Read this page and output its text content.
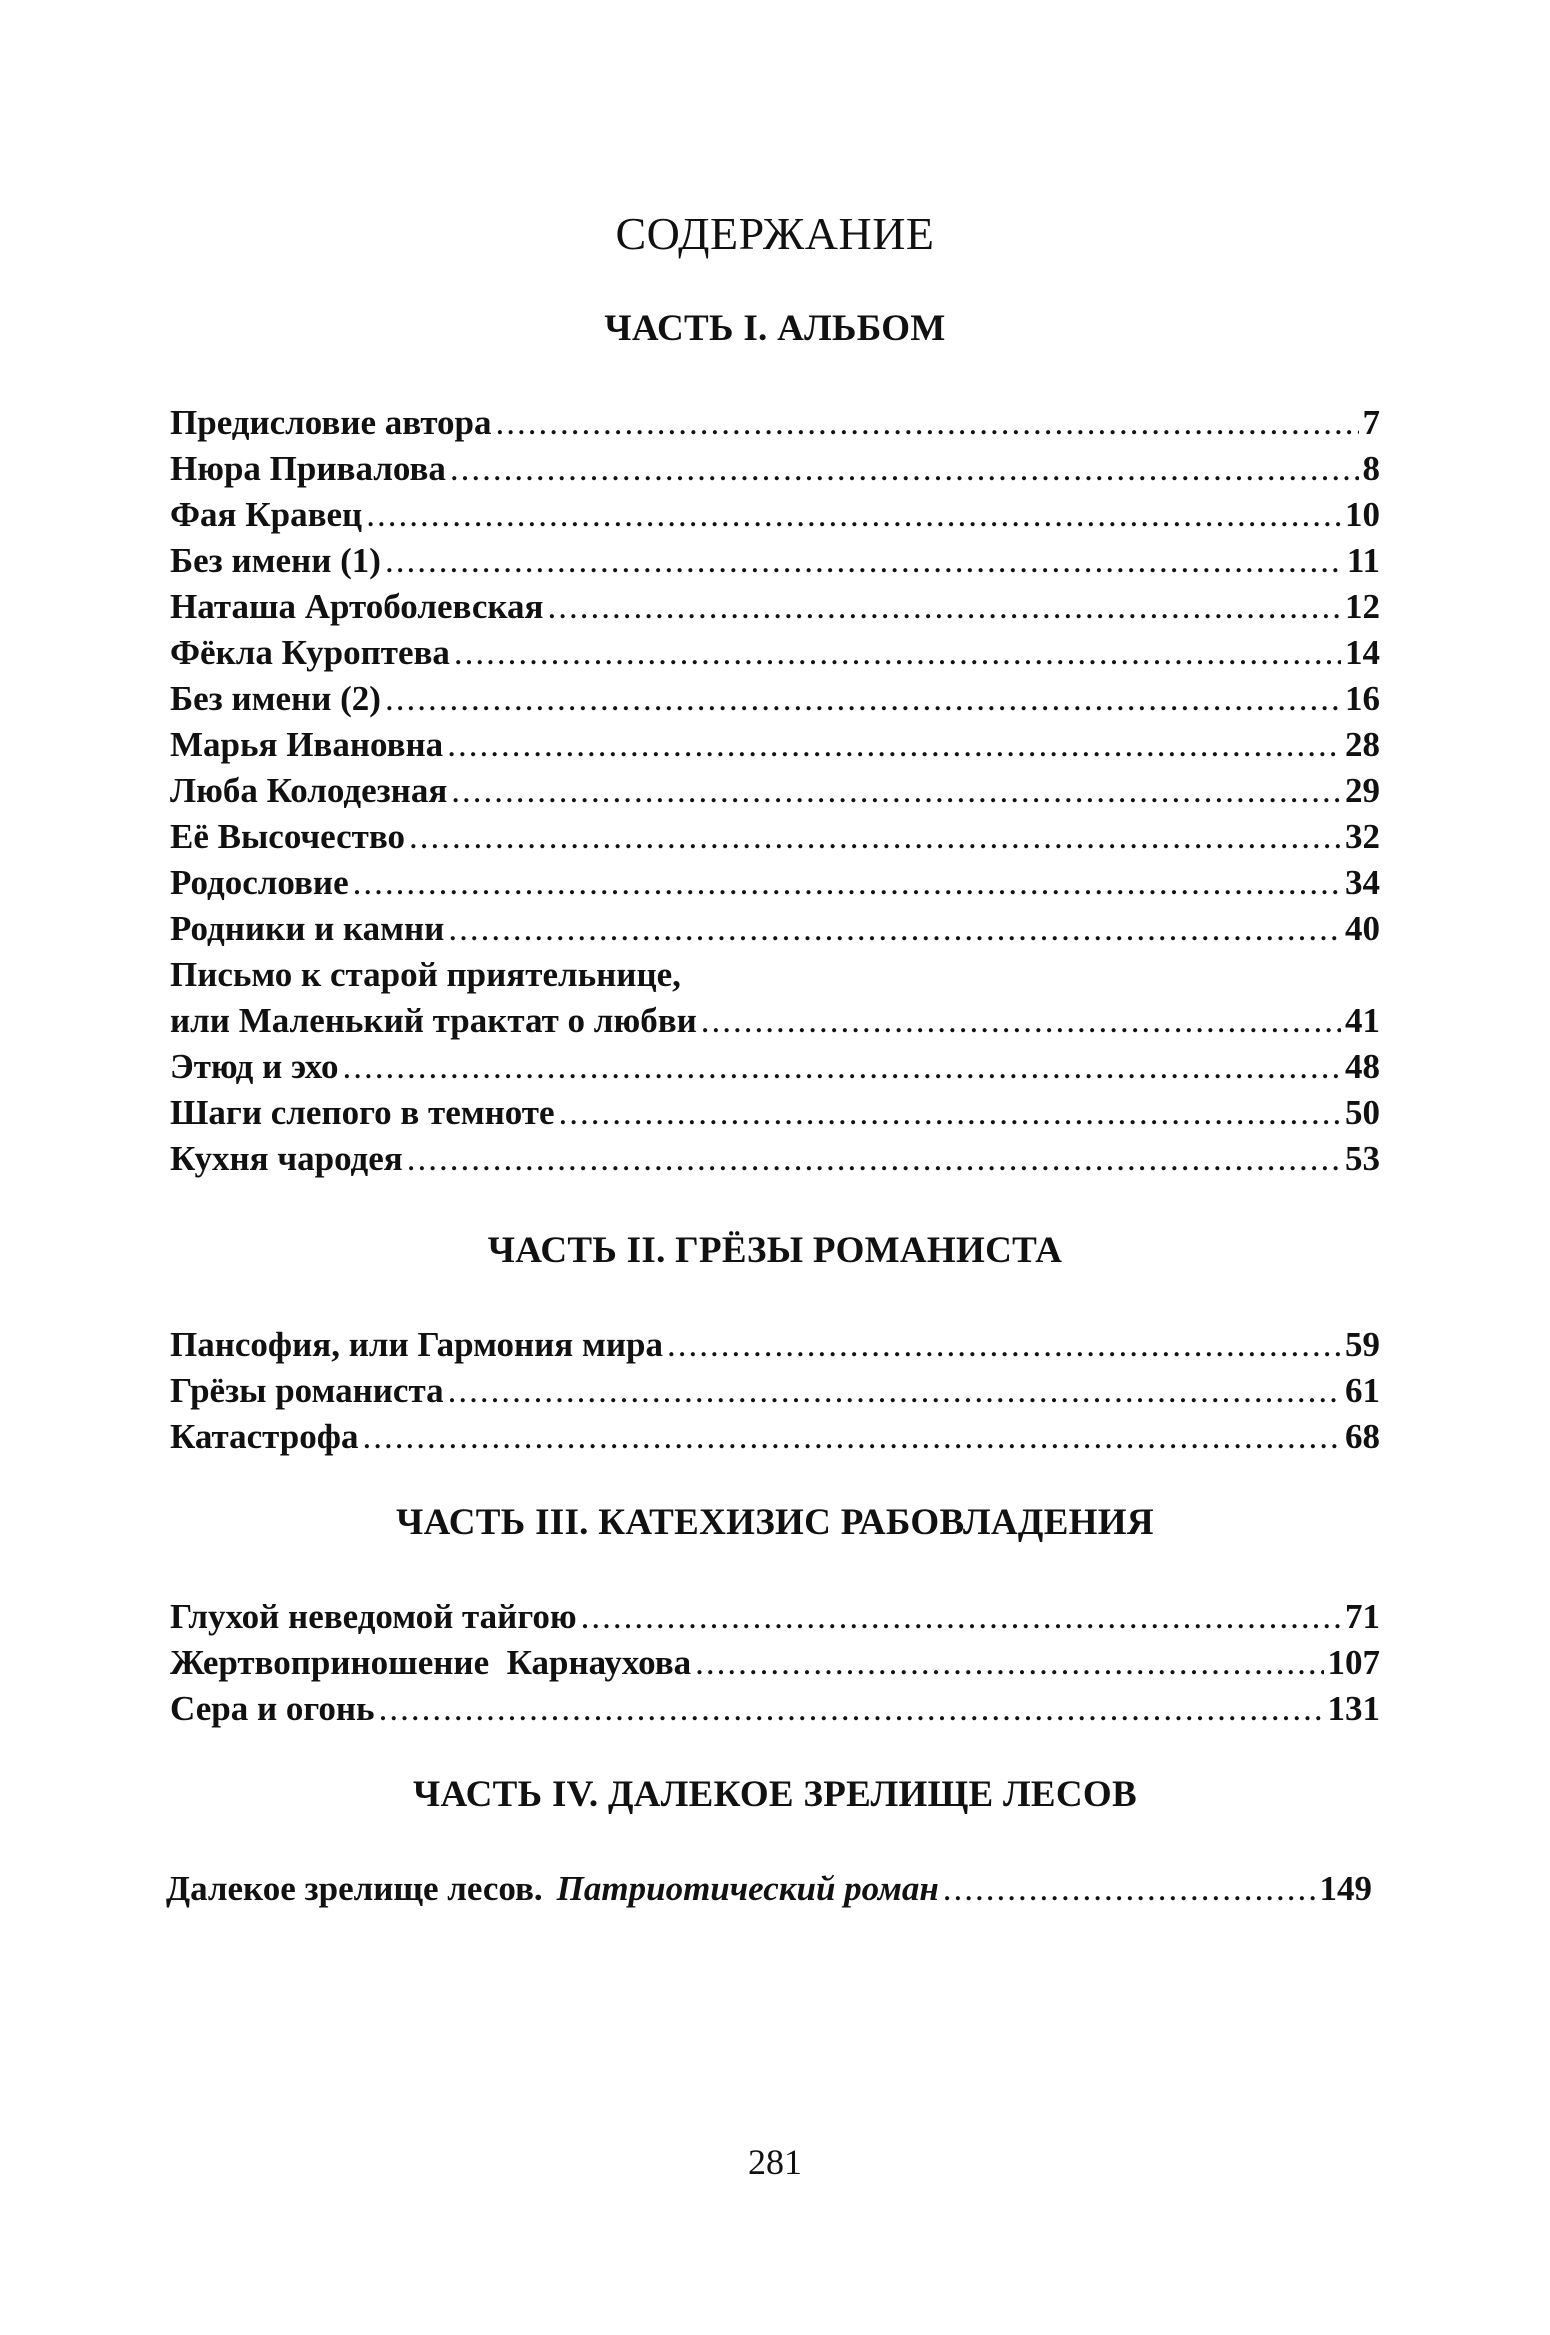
СОДЕРЖАНИЕ
ЧАСТЬ I. АЛЬБОМ
Предисловие автора .....	7
Нюра Привалова .....	8
Фая Кравец .....	10
Без имени (1) .....	11
Наташа Артоболевская .....	12
Фёкла Куроптева .....	14
Без имени (2) .....	16
Марья Ивановна .....	28
Люба Колодезная .....	29
Её Высочество .....	32
Родословие .....	34
Родники и камни .....	40
Письмо к старой приятельнице,
или Маленький трактат о любви .....	41
Этюд и эхо .....	48
Шаги слепого в темноте .....	50
Кухня чародея .....	53
ЧАСТЬ II. ГРЁЗЫ РОМАНИСТА
Пансофия, или Гармония мира .....	59
Грёзы романиста .....	61
Катастрофа .....	68
ЧАСТЬ III. КАТЕХИЗИС РАБОВЛАДЕНИЯ
Глухой неведомой тайгою .....	71
Жертвоприношение  Карнаухова .....	107
Сера и огонь .....	131
ЧАСТЬ IV. ДАЛЕКОЕ ЗРЕЛИЩЕ ЛЕСОВ
Далекое зрелище лесов. Патриотический роман .....	149
281
